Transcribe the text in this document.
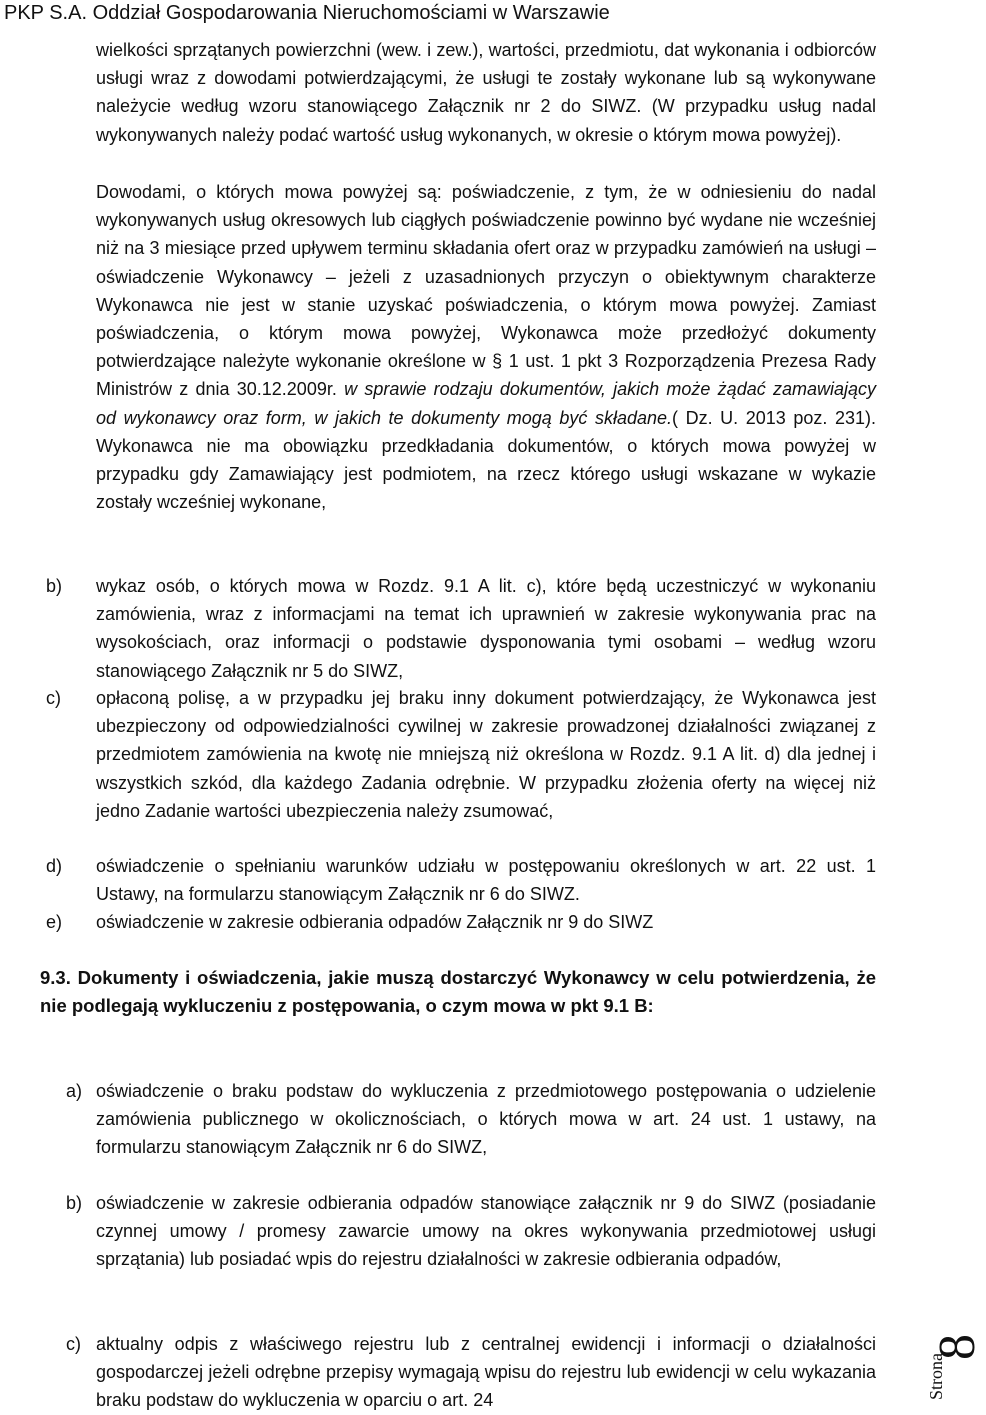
PKP S.A. Oddział Gospodarowania Nieruchomościami w Warszawie

wielkości sprzątanych powierzchni (wew. i zew.), wartości, przedmiotu, dat wykonania i odbiorców usługi wraz z dowodami potwierdzającymi, że usługi te zostały wykonane lub są wykonywane należycie według wzoru stanowiącego Załącznik nr 2 do SIWZ. (W przypadku usług nadal wykonywanych należy podać wartość usług wykonanych, w okresie o którym mowa powyżej).

Dowodami, o których mowa powyżej są: poświadczenie, z tym, że w odniesieniu do nadal wykonywanych usług okresowych lub ciągłych poświadczenie powinno być wydane nie wcześniej niż na 3 miesiące przed upływem terminu składania ofert oraz w przypadku zamówień na usługi – oświadczenie Wykonawcy – jeżeli z uzasadnionych przyczyn o obiektywnym charakterze Wykonawca nie jest w stanie uzyskać poświadczenia, o którym mowa powyżej. Zamiast poświadczenia, o którym mowa powyżej, Wykonawca może przedłożyć dokumenty potwierdzające należyte wykonanie określone w § 1 ust. 1 pkt 3 Rozporządzenia Prezesa Rady Ministrów z dnia 30.12.2009r. w sprawie rodzaju dokumentów, jakich może żądać zamawiający od wykonawcy oraz form, w jakich te dokumenty mogą być składane.( Dz. U. 2013 poz. 231). Wykonawca nie ma obowiązku przedkładania dokumentów, o których mowa powyżej w przypadku gdy Zamawiający jest podmiotem, na rzecz którego usługi wskazane w wykazie zostały wcześniej wykonane,

b)	wykaz osób, o których mowa w Rozdz. 9.1 A lit. c), które będą uczestniczyć w wykonaniu zamówienia, wraz z informacjami na temat ich uprawnień w zakresie wykonywania prac na wysokościach, oraz informacji o podstawie dysponowania tymi osobami – według wzoru stanowiącego Załącznik nr 5 do SIWZ,
c)	opłaconą polisę, a w przypadku jej braku inny dokument potwierdzający, że Wykonawca jest ubezpieczony od odpowiedzialności cywilnej w zakresie prowadzonej działalności związanej z przedmiotem zamówienia na kwotę nie mniejszą niż określona w Rozdz. 9.1 A lit. d) dla jednej i wszystkich szkód, dla każdego Zadania odrębnie. W przypadku złożenia oferty na więcej niż jedno Zadanie wartości ubezpieczenia należy zsumować,
d)	oświadczenie o spełnianiu warunków udziału w postępowaniu określonych w art. 22 ust. 1 Ustawy, na formularzu stanowiącym Załącznik nr 6 do SIWZ.
e)	oświadczenie w zakresie odbierania odpadów Załącznik nr 9 do SIWZ

9.3. Dokumenty i oświadczenia, jakie muszą dostarczyć Wykonawcy w celu potwierdzenia, że nie podlegają wykluczeniu z postępowania, o czym mowa w pkt 9.1 B:

a) oświadczenie o braku podstaw do wykluczenia z przedmiotowego postępowania o udzielenie zamówienia publicznego w okolicznościach, o których mowa w art. 24 ust. 1 ustawy, na formularzu stanowiącym Załącznik nr 6 do SIWZ,
b) oświadczenie w zakresie odbierania odpadów stanowiące załącznik nr 9 do SIWZ (posiadanie czynnej umowy / promesy zawarcie umowy na okres wykonywania przedmiotowej usługi sprzątania) lub posiadać wpis do rejestru działalności w zakresie odbierania odpadów,
c) aktualny odpis z właściwego rejestru lub z centralnej ewidencji i informacji o działalności gospodarczej jeżeli odrębne przepisy wymagają wpisu do rejestru lub ewidencji w celu wykazania braku podstaw do wykluczenia w oparciu o art. 24
Strona
8
